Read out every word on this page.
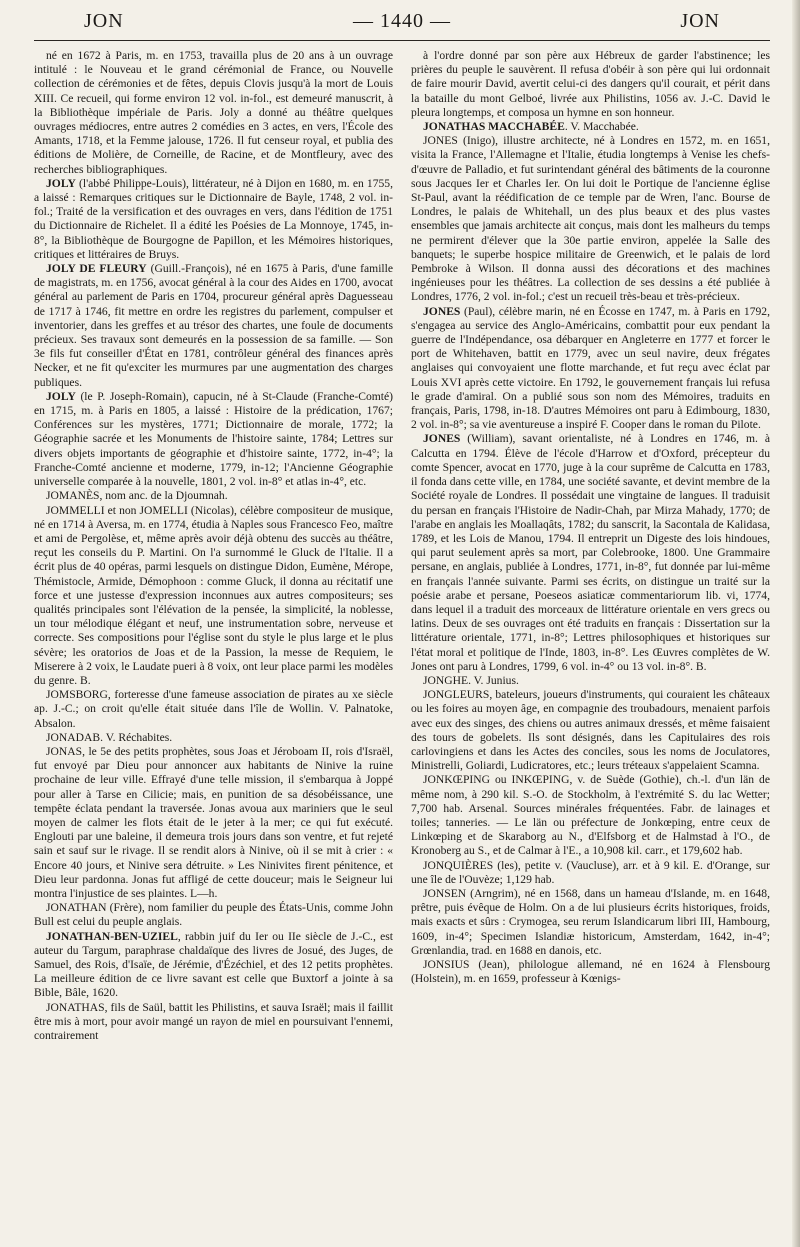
JON	— 1440 —	JON

né en 1672 à Paris, m. en 1753, travailla plus de 20 ans à un ouvrage intitulé : le Nouveau et le grand cérémonial de France, ou Nouvelle collection de cérémonies et de fêtes, depuis Clovis jusqu'à la mort de Louis XIII. Ce recueil, qui forme environ 12 vol. in-fol., est demeuré manuscrit, à la Bibliothèque impériale de Paris. Joly a donné au théâtre quelques ouvrages médiocres, entre autres 2 comédies en 3 actes, en vers, l'École des Amants, 1718, et la Femme jalouse, 1726. Il fut censeur royal, et publia des éditions de Molière, de Corneille, de Racine, et de Montfleury, avec des recherches bibliographiques.

JOLY (l'abbé Philippe-Louis), littérateur, né à Dijon en 1680, m. en 1755, a laissé : Remarques critiques sur le Dictionnaire de Bayle, 1748, 2 vol. in-fol.; Traité de la versification et des ouvrages en vers, dans l'édition de 1751 du Dictionnaire de Richelet. Il a édité les Poésies de La Monnoye, 1745, in-8°, la Bibliothèque de Bourgogne de Papillon, et les Mémoires historiques, critiques et littéraires de Bruys.

JOLY DE FLEURY (Guill.-François), né en 1675 à Paris, d'une famille de magistrats, m. en 1756, avocat général à la cour des Aides en 1700, avocat général au parlement de Paris en 1704, procureur général après Daguesseau de 1717 à 1746, fit mettre en ordre les registres du parlement, compulser et inventorier, dans les greffes et au trésor des chartes, une foule de documents précieux. Ses travaux sont demeurés en la possession de sa famille. — Son 3e fils fut conseiller d'État en 1781, contrôleur général des finances après Necker, et ne fit qu'exciter les murmures par une augmentation des charges publiques.

JOLY (le P. Joseph-Romain), capucin, né à St-Claude (Franche-Comté) en 1715, m. à Paris en 1805, a laissé : Histoire de la prédication, 1767; Conférences sur les mystères, 1771; Dictionnaire de morale, 1772; la Géographie sacrée et les Monuments de l'histoire sainte, 1784; Lettres sur divers objets importants de géographie et d'histoire sainte, 1772, in-4°; la Franche-Comté ancienne et moderne, 1779, in-12; l'Ancienne Géographie universelle comparée à la nouvelle, 1801, 2 vol. in-8° et atlas in-4°, etc.

JOMANÈS, nom anc. de la Djoumnah.

JOMMELLI et non JOMELLI (Nicolas), célèbre compositeur de musique, né en 1714 à Aversa, m. en 1774, étudia à Naples sous Francesco Feo, maître et ami de Pergolèse, et, même après avoir déjà obtenu des succès au théâtre, reçut les conseils du P. Martini. On l'a surnommé le Gluck de l'Italie. Il a écrit plus de 40 opéras, parmi lesquels on distingue Didon, Eumène, Mérope, Thémistocle, Armide, Démophoon : comme Gluck, il donna au récitatif une force et une justesse d'expression inconnues aux autres compositeurs; ses qualités principales sont l'élévation de la pensée, la simplicité, la noblesse, un tour mélodique élégant et neuf, une instrumentation sobre, nerveuse et correcte. Ses compositions pour l'église sont du style le plus large et le plus sévère; les oratorios de Joas et de la Passion, la messe de Requiem, le Miserere à 2 voix, le Laudate pueri à 8 voix, ont leur place parmi les modèles du genre. B.

JOMSBORG, forteresse d'une fameuse association de pirates au xe siècle ap. J.-C.; on croit qu'elle était située dans l'île de Wollin. V. Palnatoke, Absalon.

JONADAB. V. Réchabites.

JONAS, le 5e des petits prophètes, sous Joas et Jéroboam II, rois d'Israël, fut envoyé par Dieu pour annoncer aux habitants de Ninive la ruine prochaine de leur ville. Effrayé d'une telle mission, il s'embarqua à Joppé pour aller à Tarse en Cilicie; mais, en punition de sa désobéissance, une tempête éclata pendant la traversée. Jonas avoua aux mariniers que le seul moyen de calmer les flots était de le jeter à la mer; ce qui fut exécuté. Englouti par une baleine, il demeura trois jours dans son ventre, et fut rejeté sain et sauf sur le rivage. Il se rendit alors à Ninive, où il se mit à crier : « Encore 40 jours, et Ninive sera détruite. » Les Ninivites firent pénitence, et Dieu leur pardonna. Jonas fut affligé de cette douceur; mais le Seigneur lui montra l'injustice de ses plaintes. L—h.

JONATHAN (Frère), nom familier du peuple des États-Unis, comme John Bull est celui du peuple anglais.

JONATHAN-BEN-UZIEL, rabbin juif du Ier ou IIe siècle de J.-C., est auteur du Targum, paraphrase chaldaïque des livres de Josué, des Juges, de Samuel, des Rois, d'Isaïe, de Jérémie, d'Ézéchiel, et des 12 petits prophètes. La meilleure édition de ce livre savant est celle que Buxtorf a jointe à sa Bible, Bâle, 1620.

JONATHAS, fils de Saül, battit les Philistins, et sauva Israël; mais il faillit être mis à mort, pour avoir mangé un rayon de miel en poursuivant l'ennemi, contrairement

à l'ordre donné par son père aux Hébreux de garder l'abstinence; les prières du peuple le sauvèrent. Il refusa d'obéir à son père qui lui ordonnait de faire mourir David, avertit celui-ci des dangers qu'il courait, et périt dans la bataille du mont Gelboé, livrée aux Philistins, 1056 av. J.-C. David le pleura longtemps, et composa un hymne en son honneur.

JONATHAS MACCHABÉE. V. Macchabée.

JONES (Inigo), illustre architecte, né à Londres en 1572, m. en 1651, visita la France, l'Allemagne et l'Italie, étudia longtemps à Venise les chefs-d'œuvre de Palladio, et fut surintendant général des bâtiments de la couronne sous Jacques Ier et Charles Ier. On lui doit le Portique de l'ancienne église St-Paul, avant la réédification de ce temple par de Wren, l'anc. Bourse de Londres, le palais de Whitehall, un des plus beaux et des plus vastes ensembles que jamais architecte ait conçus, mais dont les malheurs du temps ne permirent d'élever que la 30e partie environ, appelée la Salle des banquets; le superbe hospice militaire de Greenwich, et le palais de lord Pembroke à Wilson. Il donna aussi des décorations et des machines ingénieuses pour les théâtres. La collection de ses dessins a été publiée à Londres, 1776, 2 vol. in-fol.; c'est un recueil très-beau et très-précieux.

JONES (Paul), célèbre marin, né en Écosse en 1747, m. à Paris en 1792, s'engagea au service des Anglo-Américains, combattit pour eux pendant la guerre de l'Indépendance, osa débarquer en Angleterre en 1777 et forcer le port de Whitehaven, battit en 1779, avec un seul navire, deux frégates anglaises qui convoyaient une flotte marchande, et fut reçu avec éclat par Louis XVI après cette victoire. En 1792, le gouvernement français lui refusa le grade d'amiral. On a publié sous son nom des Mémoires, traduits en français, Paris, 1798, in-18. D'autres Mémoires ont paru à Edimbourg, 1830, 2 vol. in-8°; sa vie aventureuse a inspiré F. Cooper dans le roman du Pilote.

JONES (William), savant orientaliste, né à Londres en 1746, m. à Calcutta en 1794. Élève de l'école d'Harrow et d'Oxford, précepteur du comte Spencer, avocat en 1770, juge à la cour suprême de Calcutta en 1783, il fonda dans cette ville, en 1784, une société savante, et devint membre de la Société royale de Londres. Il possédait une vingtaine de langues. Il traduisit du persan en français l'Histoire de Nadir-Chah, par Mirza Mahady, 1770; de l'arabe en anglais les Moallaqâts, 1782; du sanscrit, la Sacontala de Kalidasa, 1789, et les Lois de Manou, 1794. Il entreprit un Digeste des lois hindoues, qui parut seulement après sa mort, par Colebrooke, 1800. Une Grammaire persane, en anglais, publiée à Londres, 1771, in-8°, fut donnée par lui-même en français l'année suivante. Parmi ses écrits, on distingue un traité sur la poésie arabe et persane, Poeseos asiaticæ commentariorum lib. vi, 1774, dans lequel il a traduit des morceaux de littérature orientale en vers grecs ou latins. Deux de ses ouvrages ont été traduits en français : Dissertation sur la littérature orientale, 1771, in-8°; Lettres philosophiques et historiques sur l'état moral et politique de l'Inde, 1803, in-8°. Les Œuvres complètes de W. Jones ont paru à Londres, 1799, 6 vol. in-4° ou 13 vol. in-8°. B.

JONGHE. V. Junius.

JONGLEURS, bateleurs, joueurs d'instruments, qui couraient les châteaux ou les foires au moyen âge, en compagnie des troubadours, menaient parfois avec eux des singes, des chiens ou autres animaux dressés, et même faisaient des tours de gobelets. Ils sont désignés, dans les Capitulaires des rois carlovingiens et dans les Actes des conciles, sous les noms de Joculatores, Ministrelli, Goliardi, Ludicratores, etc.; leurs tréteaux s'appelaient Scamna.

JONKŒPING ou INKŒPING, v. de Suède (Gothie), ch.-l. d'un län de même nom, à 290 kil. S.-O. de Stockholm, à l'extrémité S. du lac Wetter; 7,700 hab. Arsenal. Sources minérales fréquentées. Fabr. de lainages et toiles; tanneries. — Le län ou préfecture de Jonkœping, entre ceux de Linkœping et de Skaraborg au N., d'Elfsborg et de Halmstad à l'O., de Kronoberg au S., et de Calmar à l'E., a 10,908 kil. carr., et 179,602 hab.

JONQUIÈRES (les), petite v. (Vaucluse), arr. et à 9 kil. E. d'Orange, sur une île de l'Ouvèze; 1,129 hab.

JONSEN (Arngrim), né en 1568, dans un hameau d'Islande, m. en 1648, prêtre, puis évêque de Holm. On a de lui plusieurs écrits historiques, froids, mais exacts et sûrs : Crymogea, seu rerum Islandicarum libri III, Hambourg, 1609, in-4°; Specimen Islandiæ historicum, Amsterdam, 1642, in-4°; Grœnlandia, trad. en 1688 en danois, etc.

JONSIUS (Jean), philologue allemand, né en 1624 à Flensbourg (Holstein), m. en 1659, professeur à Kœnigs-
